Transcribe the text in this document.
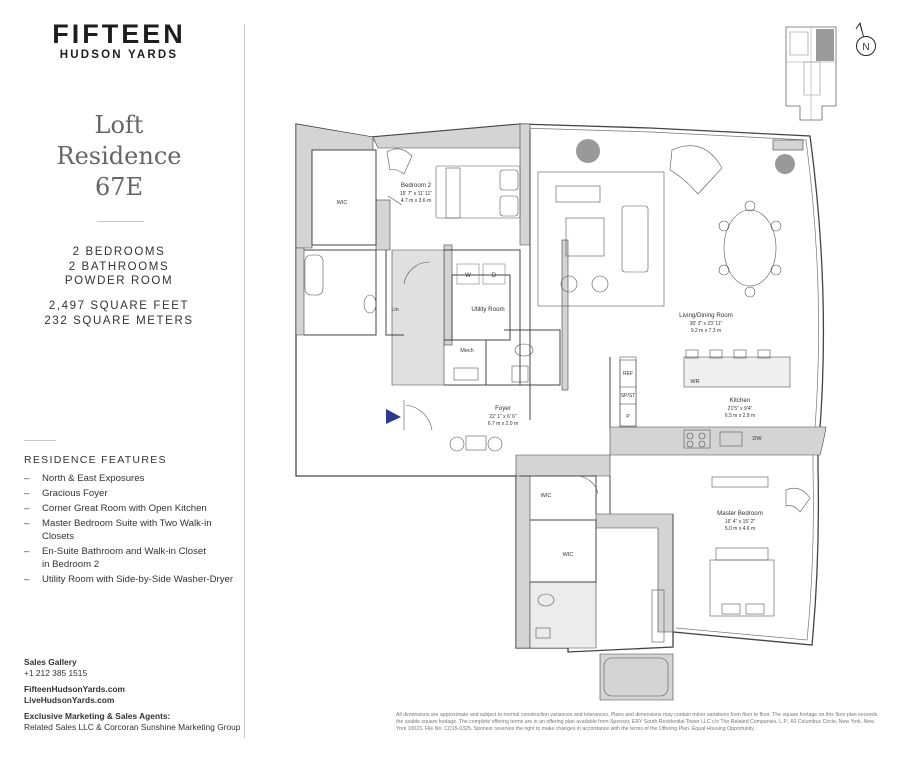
FIFTEEN
HUDSON YARDS
Loft
Residence
67E
2 BEDROOMS
2 BATHROOMS
POWDER ROOM
2,497 SQUARE FEET
232 SQUARE METERS
RESIDENCE FEATURES
– North & East Exposures
– Gracious Foyer
– Corner Great Room with Open Kitchen
– Master Bedroom Suite with Two Walk-in Closets
– En-Suite Bathroom and Walk-in Closet in Bedroom 2
– Utility Room with Side-by-Side Washer-Dryer
Sales Gallery
+1 212 385 1515
FifteenHudsonYards.com
LiveHudsonYards.com
Exclusive Marketing & Sales Agents:
Related Sales LLC & Corcoran Sunshine Marketing Group
All dimensions are approximate and subject to normal construction variances and tolerances. Plans and dimensions may contain minor variations from floor to floor. The square footage on this floor plan exceeds the usable square footage. The complete offering terms are in an offering plan available from Sponsor, ERY South Residential Tower LLC c/o The Related Companies, L.P., 60 Columbus Circle, New York, New York 10023. File No. CD15-0325. Sponsor reserves the right to make changes in accordance with the terms of the Offering Plan. Equal Housing Opportunity.
N
Bedroom 2
15' 7" x 11' 11"
4.7 m x 3.6 m
Living/Dining Room
30' 3" x 23' 11"
9.2 m x 7.3 m
Kitchen
21'5" x 9'4"
6.5 m x 2.9 m
Foyer
22' 1" x 6' 6"
6.7 m x 2.0 m
Master Bedroom
16' 4" x 15' 2"
5.0 m x 4.6 m
Utility Room
WIC
WIC
WIC
Lin
Mech
W	D
REF
SP/ST
P
DW
WR
